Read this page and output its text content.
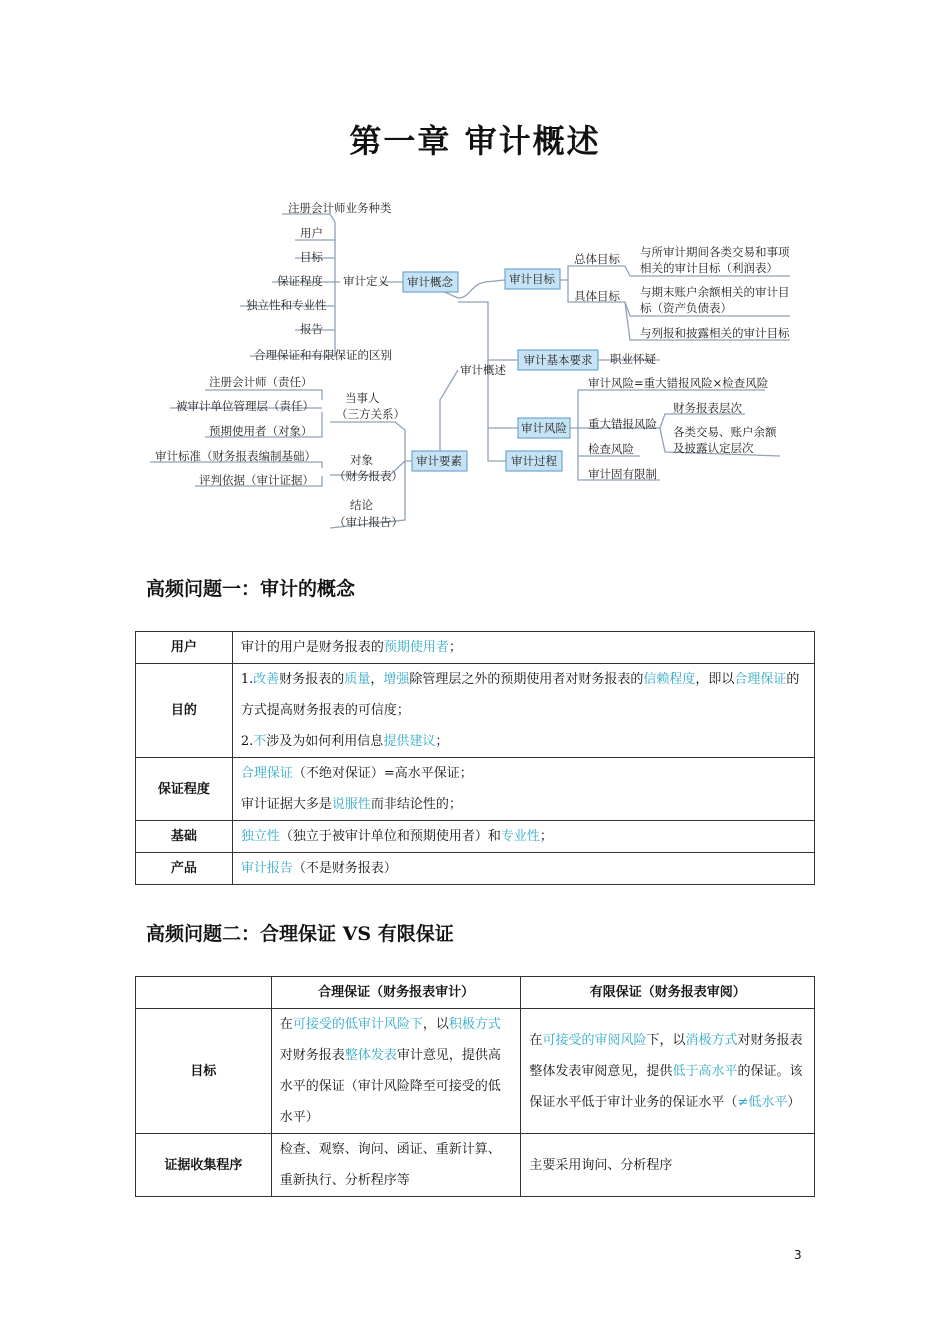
第一章 审计概述
审计概念
审计要素
审计目标
审计基本要求
审计风险
审计过程
审计概述
注册会计师业务种类
审计定义
用户
目标
保证程度
独立性和专业性
报告
合理保证和有限保证的区别
当事人
（三方关系）
注册会计师（责任）
被审计单位管理层（责任）
预期使用者（对象）
对象
（财务报表）
审计标准（财务报表编制基础）
评判依据（审计证据）
结论
（审计报告）
总体目标
具体目标
与所审计期间各类交易和事项
相关的审计目标（利润表）
与期末账户余额相关的审计目
标（资产负债表）
与列报和披露相关的审计目标
职业怀疑
审计风险=重大错报风险×检查风险
重大错报风险
财务报表层次
各类交易、账户余额
及披露认定层次
检查风险
审计固有限制
高频问题一：审计的概念
用户	审计的用户是财务报表的预期使用者；
目的	1.改善财务报表的质量，增强除管理层之外的预期使用者对财务报表的信赖程度，即以合理保证的方式提高财务报表的可信度；
2.不涉及为如何利用信息提供建议；

保证程度	合理保证（不绝对保证）=高水平保证；
审计证据大多是说服性而非结论性的；

基础	独立性（独立于被审计单位和预期使用者）和专业性；
产品	审计报告（不是财务报表）
高频问题二：合理保证 VS 有限保证
	合理保证（财务报表审计）	有限保证（财务报表审阅）
目标	在可接受的低审计风险下，以积极方式对财务报表整体发表审计意见，提供高水平的保证（审计风险降至可接受的低水平）	在可接受的审阅风险下，以消极方式对财务报表整体发表审阅意见，提供低于高水平的保证。该保证水平低于审计业务的保证水平（≠低水平）
证据收集程序	检查、观察、询问、函证、重新计算、重新执行、分析程序等	主要采用询问、分析程序
3
